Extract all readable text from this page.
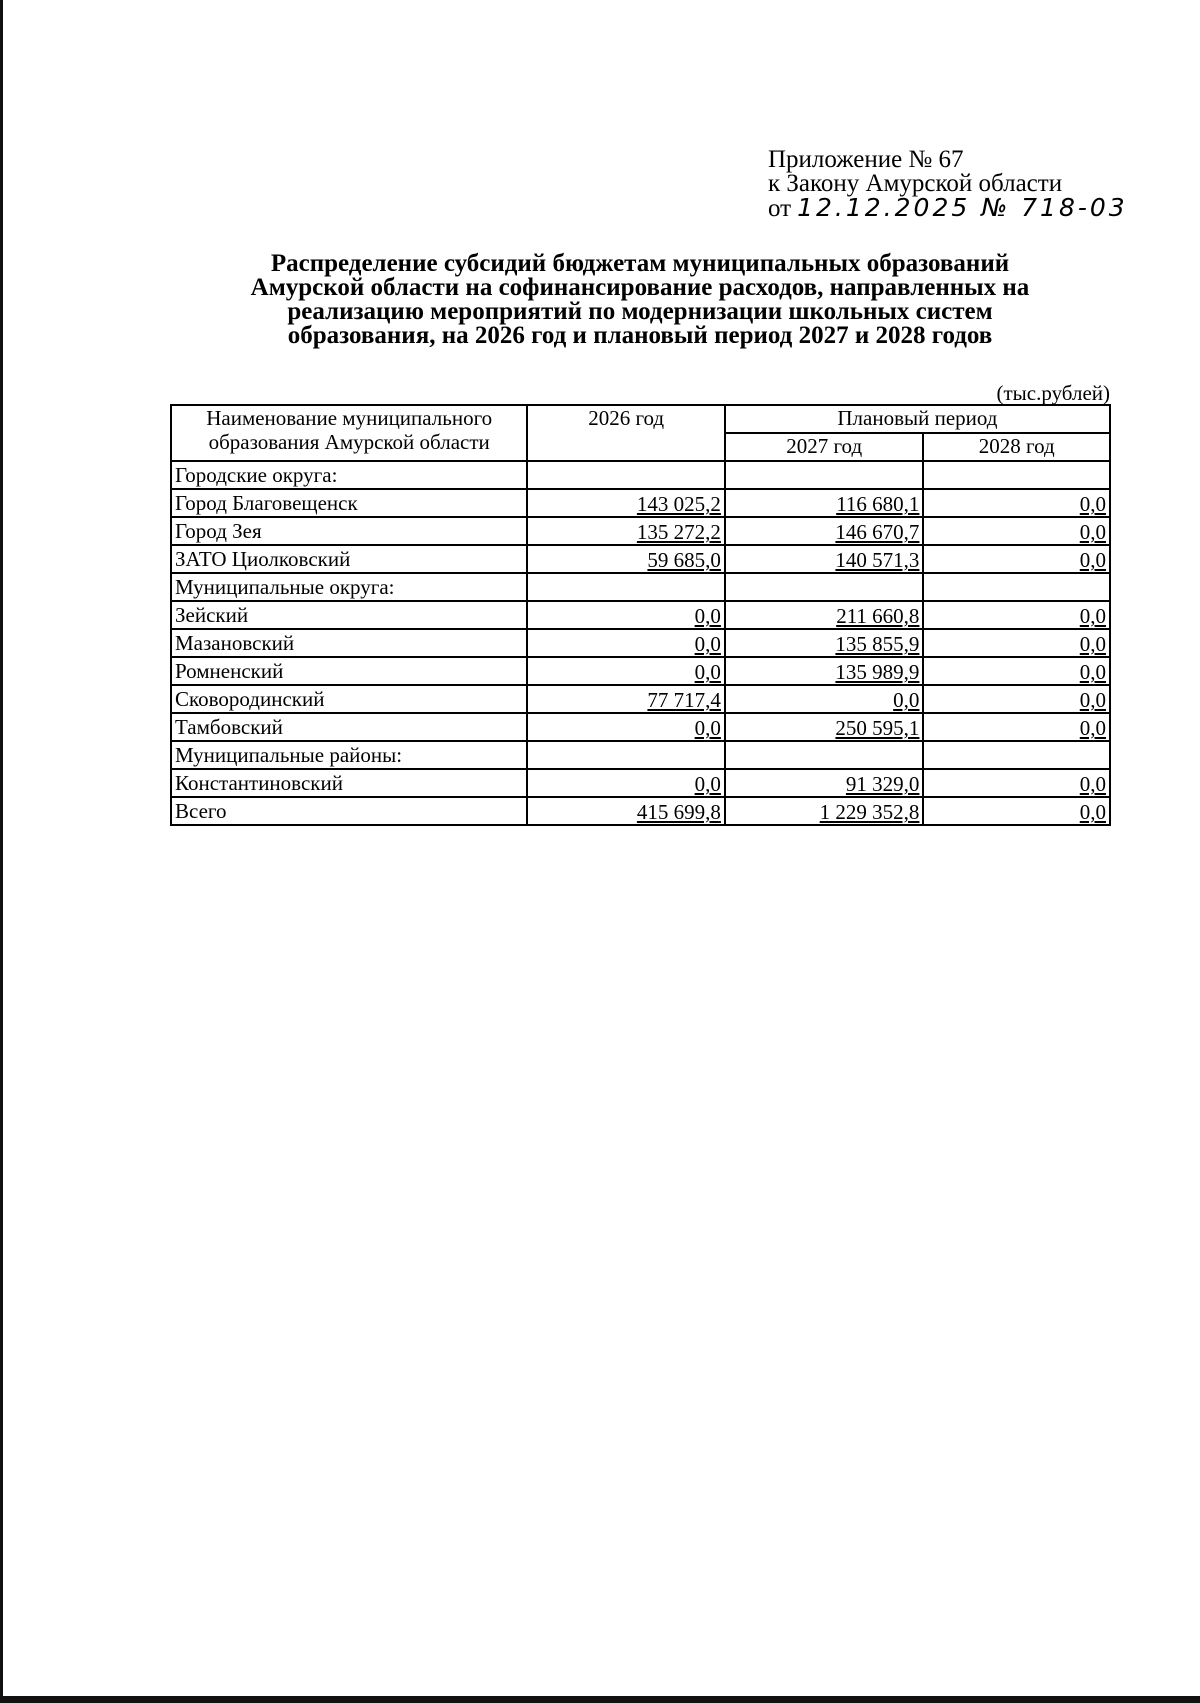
Приложение № 67
к Закону Амурской области
от 12.12.2025 № 718-03
Распределение субсидий бюджетам муниципальных образований
Амурской области на софинансирование расходов, направленных на
реализацию мероприятий по модернизации школьных систем
образования, на 2026 год и плановый период 2027 и 2028 годов
(тыс.рублей)
Наименование муниципального
образования Амурской области	2026 год	Плановый период	
		2027 год	2028 год
Городские округа:			
Город Благовещенск	143 025,2	116 680,1	0,0
Город Зея	135 272,2	146 670,7	0,0
ЗАТО Циолковский	59 685,0	140 571,3	0,0
Муниципальные округа:			
Зейский	0,0	211 660,8	0,0
Мазановский	0,0	135 855,9	0,0
Ромненский	0,0	135 989,9	0,0
Сковородинский	77 717,4	0,0	0,0
Тамбовский	0,0	250 595,1	0,0
Муниципальные районы:			
Константиновский	0,0	91 329,0	0,0
Всего	415 699,8	1 229 352,8	0,0
